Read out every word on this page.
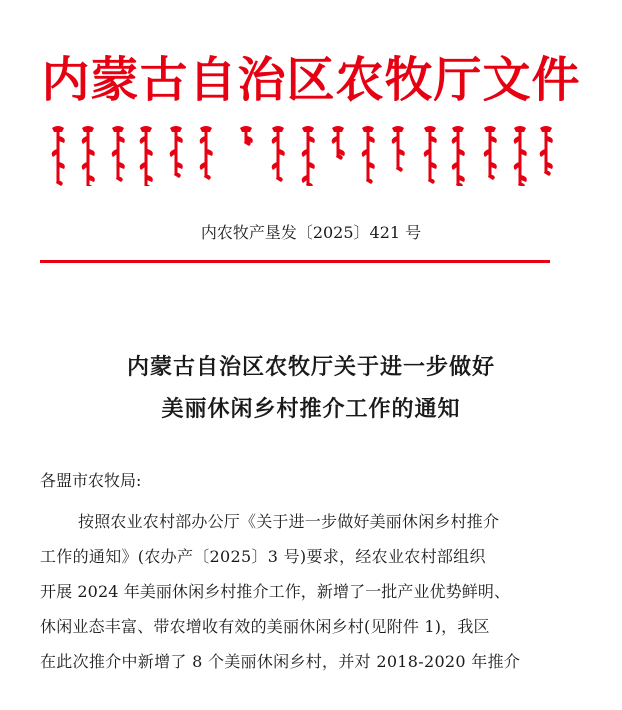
内蒙古自治区农牧厅文件
内农牧产垦发〔2025〕421 号
内蒙古自治区农牧厅关于进一步做好
美丽休闲乡村推介工作的通知
各盟市农牧局:
按照农业农村部办公厅《关于进一步做好美丽休闲乡村推介
工作的通知》(农办产〔2025〕3 号)要求，经农业农村部组织
开展 2024 年美丽休闲乡村推介工作，新增了一批产业优势鲜明、
休闲业态丰富、带农增收有效的美丽休闲乡村(见附件 1)，我区
在此次推介中新增了 8 个美丽休闲乡村，并对 2018-2020 年推介
